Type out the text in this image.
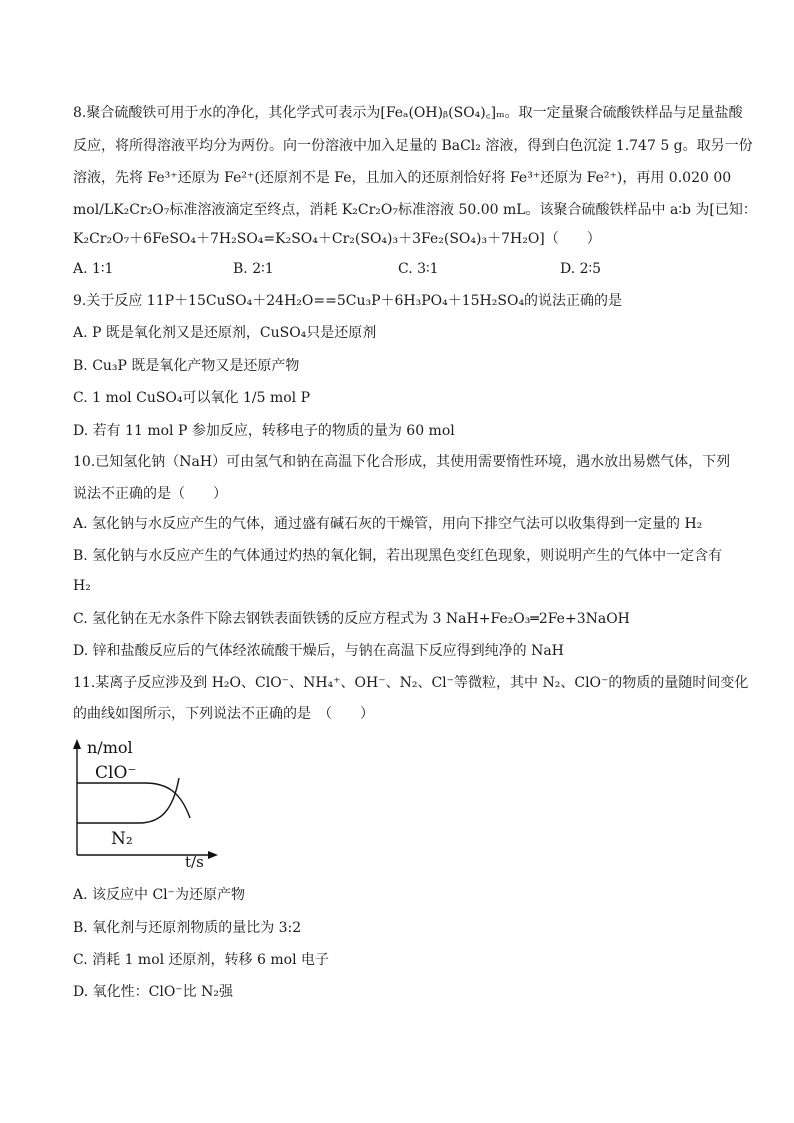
8.聚合硫酸铁可用于水的净化，其化学式可表示为[Feₐ(OH)ᵦ(SO₄)꜀]ₘ。取一定量聚合硫酸铁样品与足量盐酸
反应，将所得溶液平均分为两份。向一份溶液中加入足量的 BaCl₂ 溶液，得到白色沉淀 1.747 5 g。取另一份
溶液，先将 Fe³⁺还原为 Fe²⁺(还原剂不是 Fe，且加入的还原剂恰好将 Fe³⁺还原为 Fe²⁺)，再用 0.020 00
mol/LK₂Cr₂O₇标准溶液滴定至终点，消耗 K₂Cr₂O₇标准溶液 50.00 mL。该聚合硫酸铁样品中 a∶b 为[已知：
K₂Cr₂O₇＋6FeSO₄＋7H₂SO₄=K₂SO₄＋Cr₂(SO₄)₃＋3Fe₂(SO₄)₃＋7H₂O]（　　）
A. 1∶1	B. 2∶1	C. 3∶1	D. 2∶5
9.关于反应 11P＋15CuSO₄＋24H₂O==5Cu₃P＋6H₃PO₄＋15H₂SO₄的说法正确的是
A. P 既是氧化剂又是还原剂，CuSO₄只是还原剂
B. Cu₃P 既是氧化产物又是还原产物
C. 1 mol CuSO₄可以氧化 1/5 mol P
D. 若有 11 mol P 参加反应，转移电子的物质的量为 60 mol
10.已知氢化钠（NaH）可由氢气和钠在高温下化合形成，其使用需要惰性环境，遇水放出易燃气体，下列
说法不正确的是（　　）
A. 氢化钠与水反应产生的气体，通过盛有碱石灰的干燥管，用向下排空气法可以收集得到一定量的 H₂
B. 氢化钠与水反应产生的气体通过灼热的氧化铜，若出现黑色变红色现象，则说明产生的气体中一定含有
H₂
C. 氢化钠在无水条件下除去钢铁表面铁锈的反应方程式为 3 NaH+Fe₂O₃═2Fe+3NaOH
D. 锌和盐酸反应后的气体经浓硫酸干燥后，与钠在高温下反应得到纯净的 NaH
11.某离子反应涉及到 H₂O、ClO⁻、NH₄⁺、OH⁻、N₂、Cl⁻等微粒，其中 N₂、ClO⁻的物质的量随时间变化
的曲线如图所示，下列说法不正确的是　（　　）
n/mol
t/s
ClO⁻
N₂
A. 该反应中 Cl⁻为还原产物
B. 氧化剂与还原剂物质的量比为 3:2
C. 消耗 1 mol 还原剂，转移 6 mol 电子
D. 氧化性：ClO⁻比 N₂强
